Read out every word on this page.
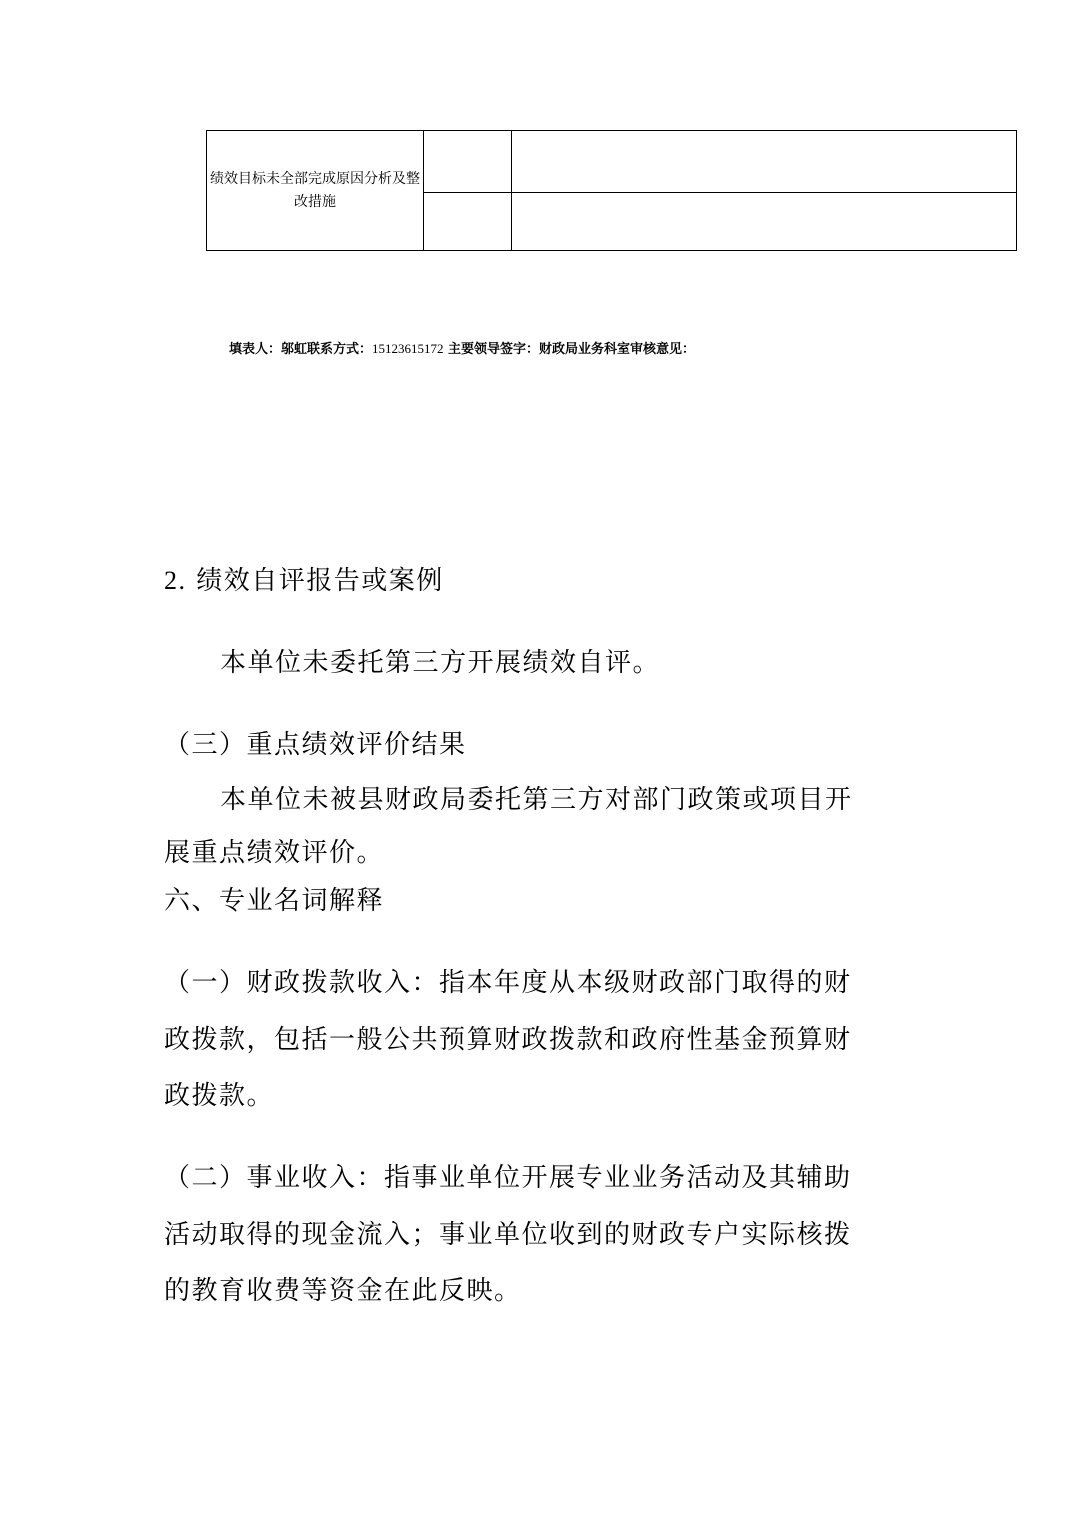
绩效目标未全部完成原因分析及整改措施		

填表人：邬虹联系方式：15123615172 主要领导签字：财政局业务科室审核意见：
2. 绩效自评报告或案例
本单位未委托第三方开展绩效自评。
（三）重点绩效评价结果
本单位未被县财政局委托第三方对部门政策或项目开
展重点绩效评价。
六、专业名词解释
（一）财政拨款收入：指本年度从本级财政部门取得的财
政拨款，包括一般公共预算财政拨款和政府性基金预算财
政拨款。
（二）事业收入：指事业单位开展专业业务活动及其辅助
活动取得的现金流入；事业单位收到的财政专户实际核拨
的教育收费等资金在此反映。
